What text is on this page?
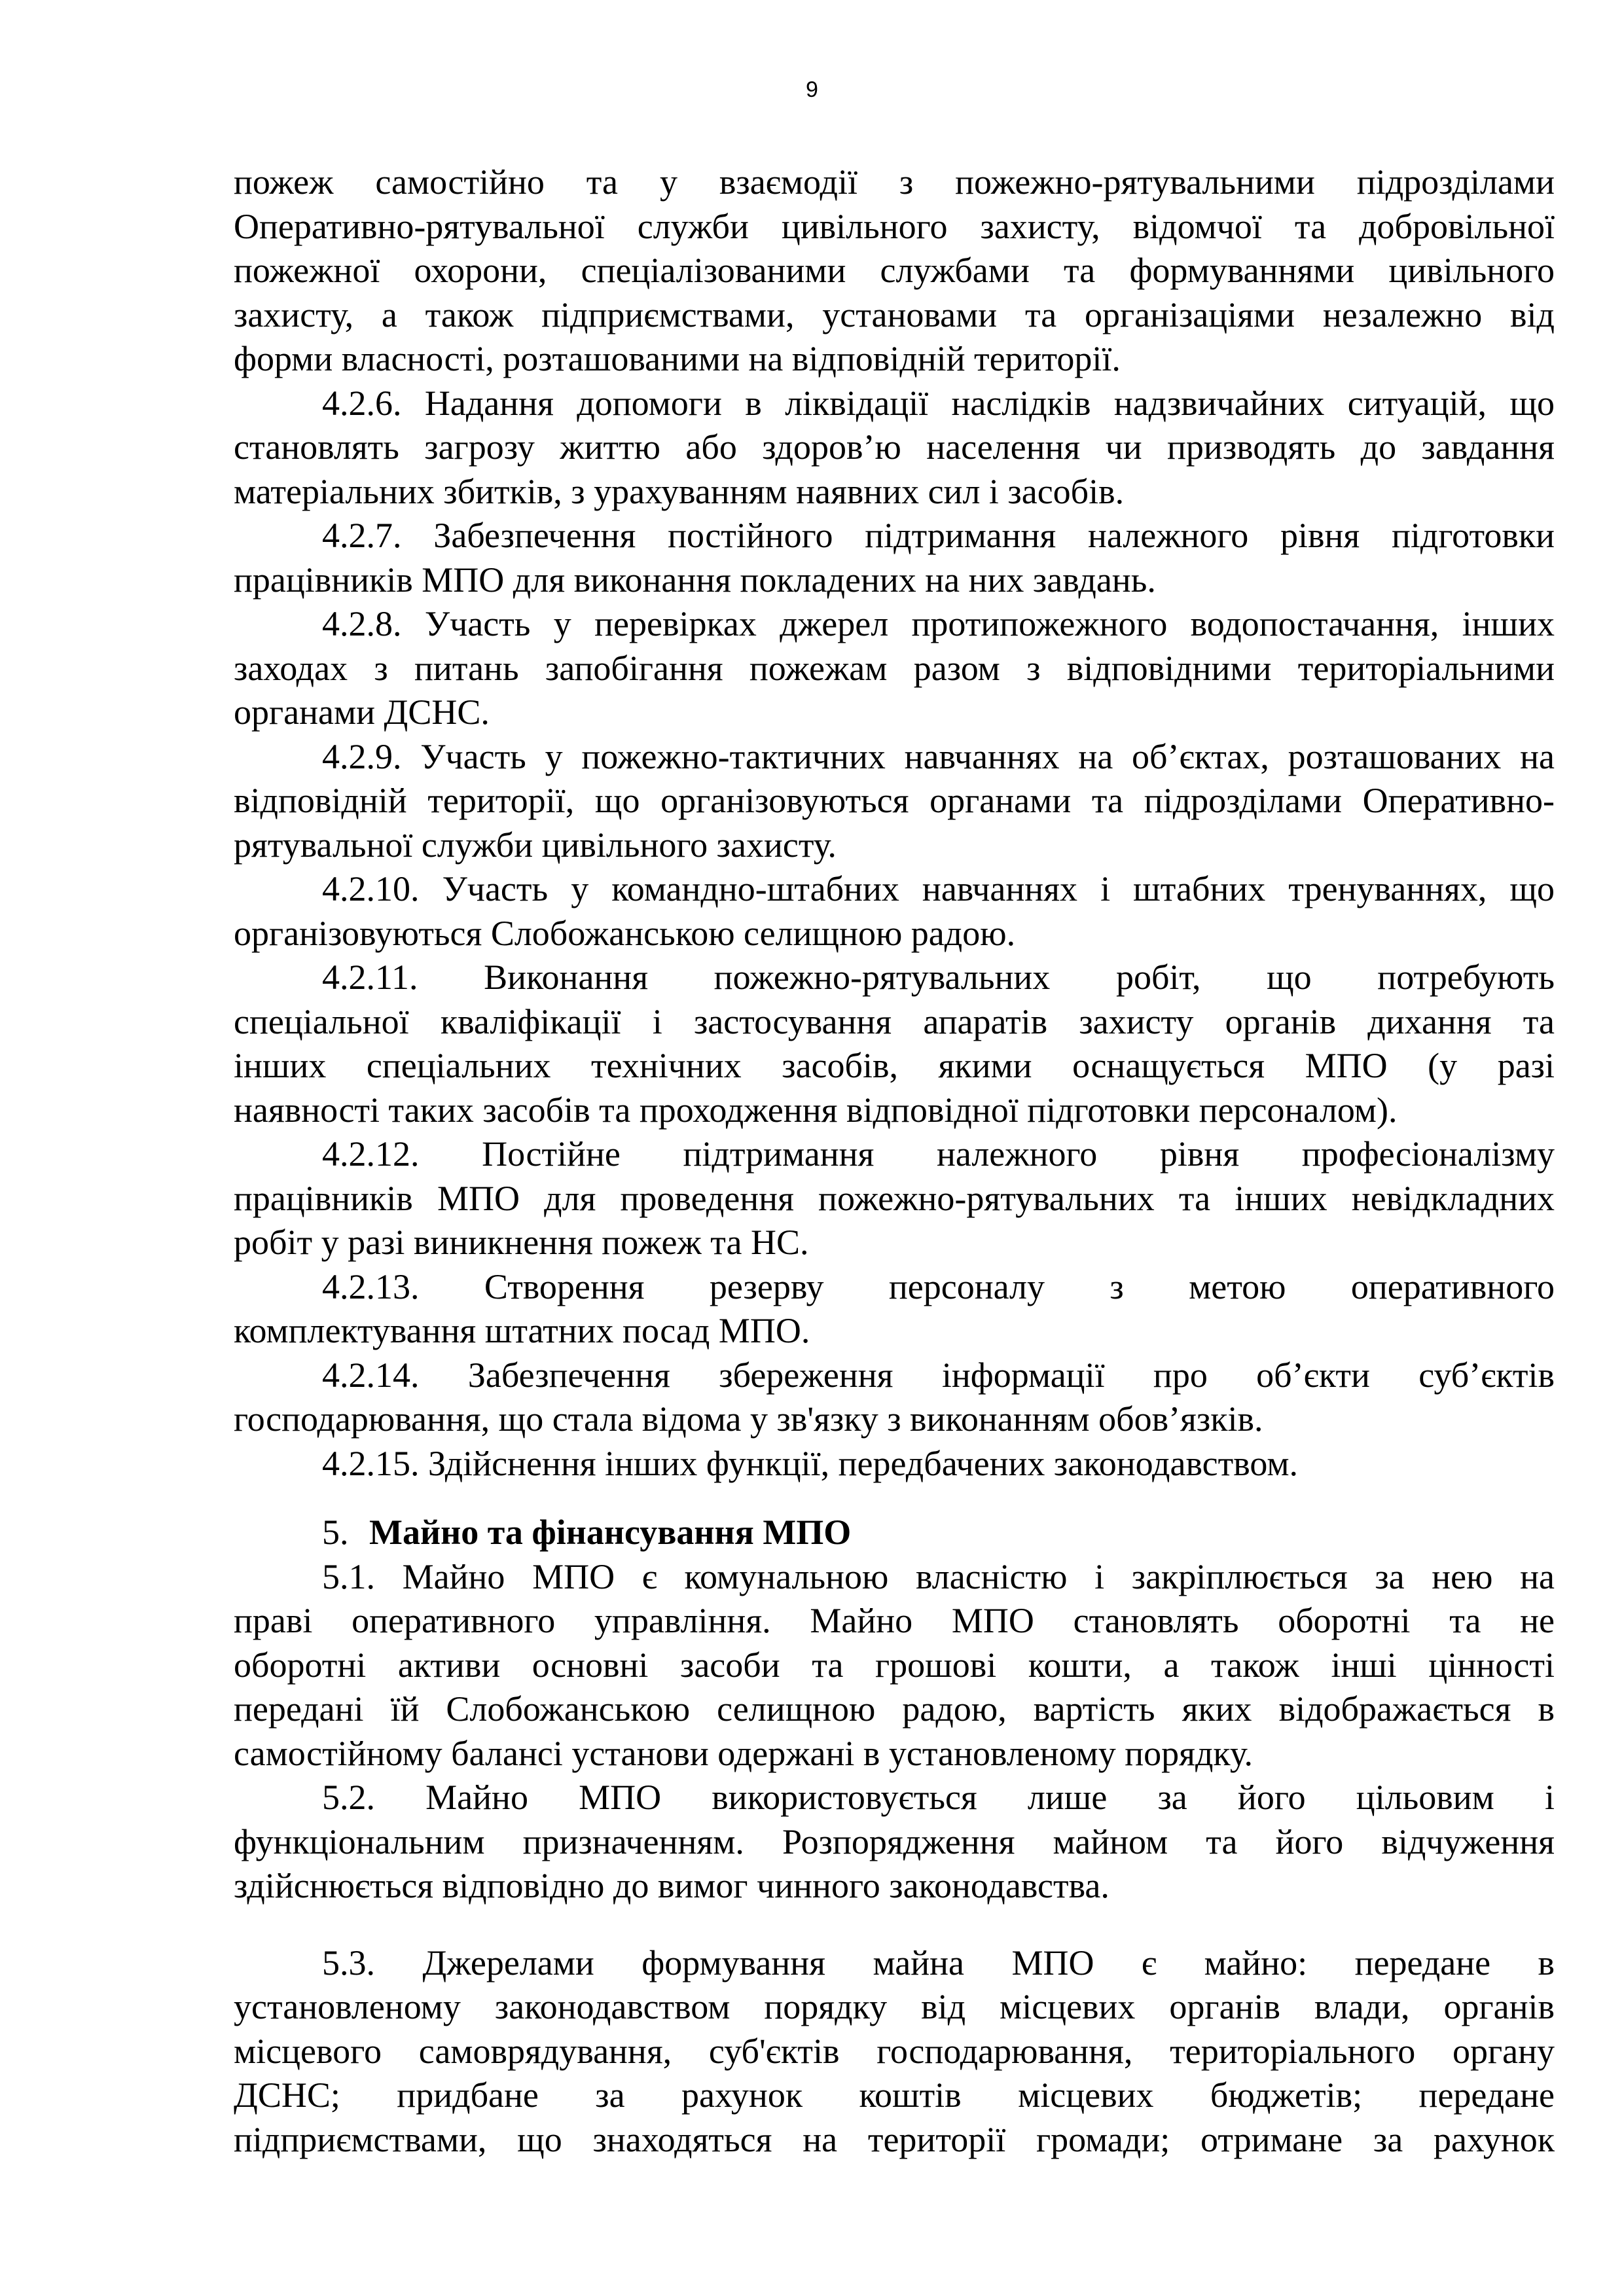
9
пожеж самостійно та у взаємодії з пожежно-рятувальними підрозділами
Оперативно-рятувальної служби цивільного захисту, відомчої та добровільної
пожежної охорони, спеціалізованими службами та формуваннями цивільного
захисту, а також підприємствами, установами та організаціями незалежно від
форми власності, розташованими на відповідній території.
4.2.6. Надання допомоги в ліквідації наслідків надзвичайних ситуацій, що
становлять загрозу життю або здоров’ю населення чи призводять до завдання
матеріальних збитків, з урахуванням наявних сил і засобів.
4.2.7. Забезпечення постійного підтримання належного рівня підготовки
працівників МПО для виконання покладених на них завдань.
4.2.8. Участь у перевірках джерел протипожежного водопостачання, інших
заходах з питань запобігання пожежам разом з відповідними територіальними
органами ДСНС.
4.2.9. Участь у пожежно-тактичних навчаннях на об’єктах, розташованих на
відповідній території, що організовуються органами та підрозділами Оперативно-
рятувальної служби цивільного захисту.
4.2.10. Участь у командно-штабних навчаннях і штабних тренуваннях, що
організовуються Слобожанською селищною радою.
4.2.11. Виконання пожежно-рятувальних робіт, що потребують
спеціальної кваліфікації і застосування апаратів захисту органів дихання та
інших спеціальних технічних засобів, якими оснащується МПО (у разі
наявності таких засобів та проходження відповідної підготовки персоналом).
4.2.12. Постійне підтримання належного рівня професіоналізму
працівників МПО для проведення пожежно-рятувальних та інших невідкладних
робіт у разі виникнення пожеж та НС.
4.2.13. Створення резерву персоналу з метою оперативного
комплектування штатних посад МПО.
4.2.14. Забезпечення збереження інформації про об’єкти суб’єктів
господарювання, що стала відома у зв'язку з виконанням обов’язків.
4.2.15. Здійснення інших функції, передбачених законодавством.
5. Майно та фінансування МПО
5.1. Майно МПО є комунальною власністю і закріплюється за нею на
праві оперативного управління. Майно МПО становлять оборотні та не
оборотні активи основні засоби та грошові кошти, а також інші цінності
передані їй Слобожанською селищною радою, вартість яких відображається в
самостійному балансі установи одержані в установленому порядку.
5.2. Майно МПО використовується лише за його цільовим і
функціональним призначенням. Розпорядження майном та його відчуження
здійснюється відповідно до вимог чинного законодавства.
5.3. Джерелами формування майна МПО є майно: передане в
установленому законодавством порядку від місцевих органів влади, органів
місцевого самоврядування, суб'єктів господарювання, територіального органу
ДСНС; придбане за рахунок коштів місцевих бюджетів; передане
підприємствами, що знаходяться на території громади; отримане за рахунок
